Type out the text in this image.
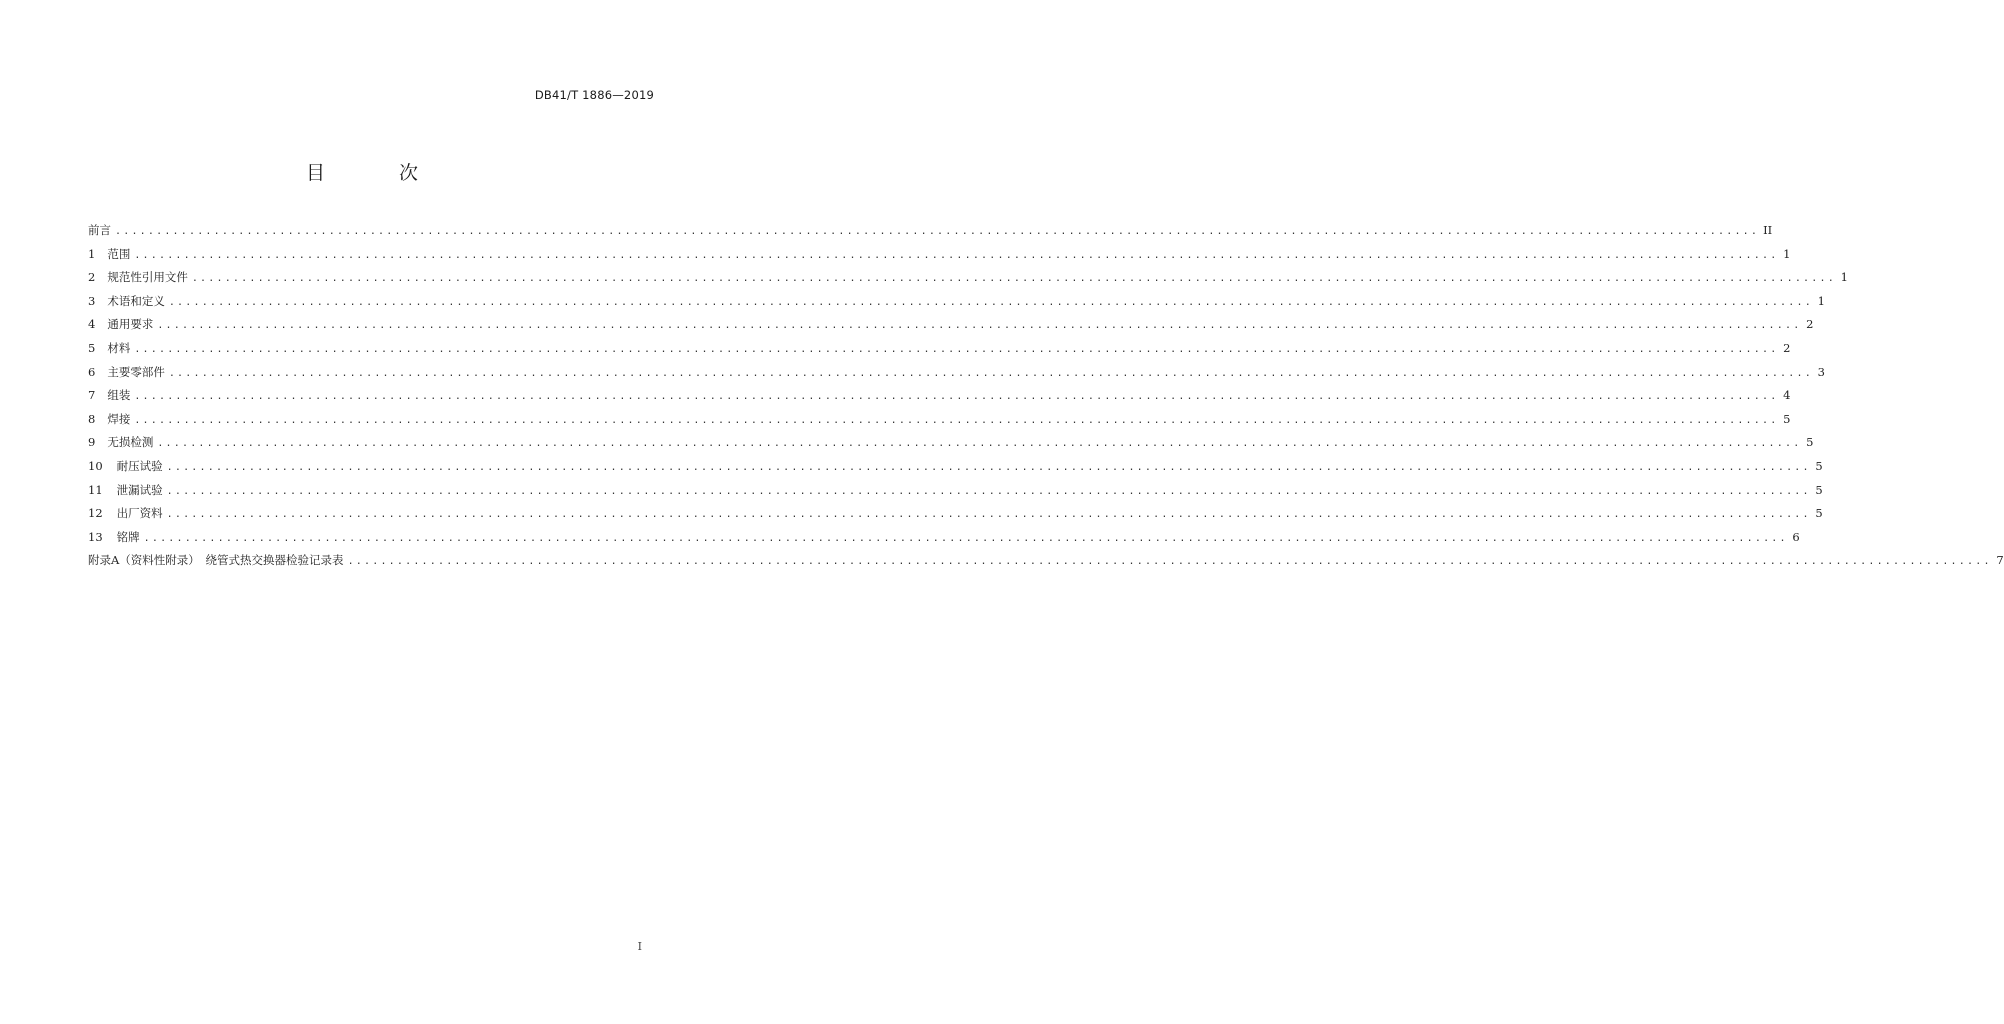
DB41/T 1886—2019
目 次
前言 ........................................................................................................................................................................................................ II
1 范围 ........................................................................................................................................................................................................ 1
2 规范性引用文件 ........................................................................................................................................................................................................ 1
3 术语和定义 ........................................................................................................................................................................................................ 1
4 通用要求 ........................................................................................................................................................................................................ 2
5 材料 ........................................................................................................................................................................................................ 2
6 主要零部件 ........................................................................................................................................................................................................ 3
7 组装 ........................................................................................................................................................................................................ 4
8 焊接 ........................................................................................................................................................................................................ 5
9 无损检测 ........................................................................................................................................................................................................ 5
10 耐压试验 ........................................................................................................................................................................................................ 5
11 泄漏试验 ........................................................................................................................................................................................................ 5
12 出厂资料 ........................................................................................................................................................................................................ 5
13 铭牌 ........................................................................................................................................................................................................ 6
附录A（资料性附录）　绕管式热交换器检验记录表 ........................................................................................................................................................................................................ 7
I
